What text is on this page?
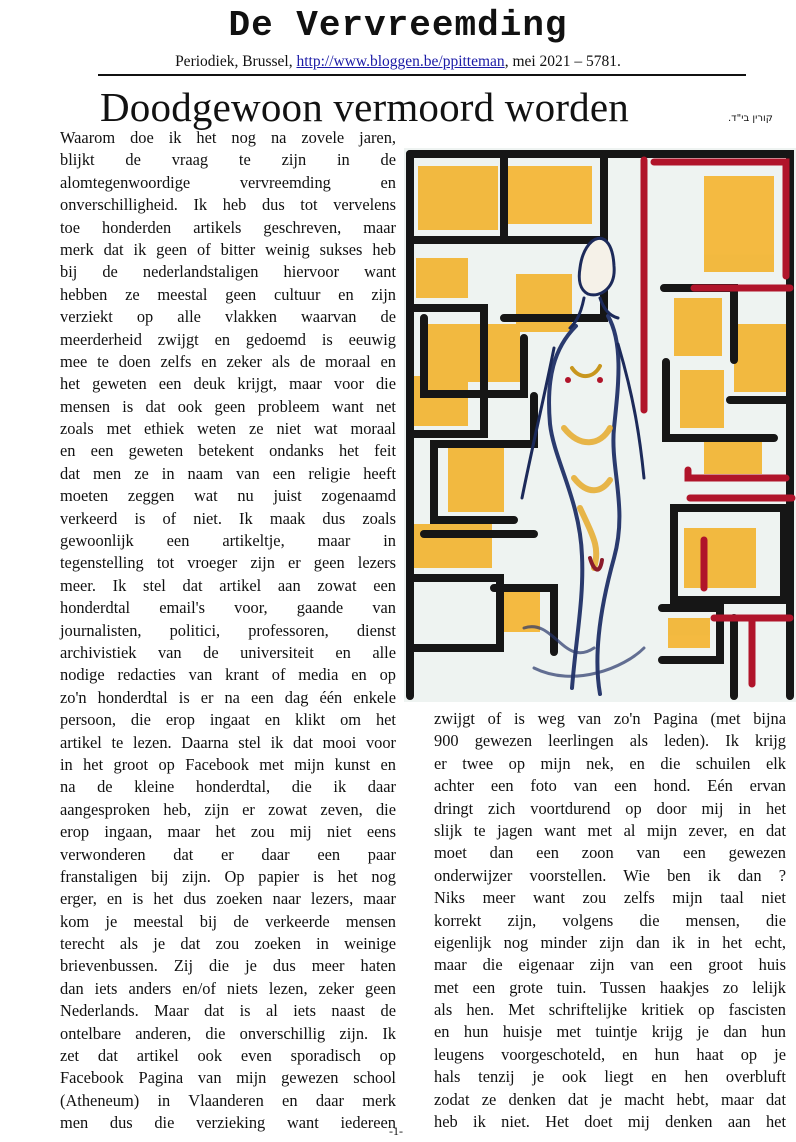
De Vervreemding
Periodiek, Brussel, http://www.bloggen.be/ppitteman, mei 2021 – 5781.
Doodgewoon vermoord worden	קורין בי"ד.
Waarom doe ik het nog na zovele jaren,
blijkt de vraag te zijn in de
alomtegenwoordige vervreemding en
onverschilligheid. Ik heb dus tot vervelens
toe honderden artikels geschreven, maar
merk dat ik geen of bitter weinig sukses heb
bij de nederlandstaligen hiervoor want
hebben ze meestal geen cultuur en zijn
verziekt op alle vlakken waarvan de
meerderheid zwijgt en gedoemd is eeuwig
mee te doen zelfs en zeker als de moraal en
het geweten een deuk krijgt, maar voor die
mensen is dat ook geen probleem want net
zoals met ethiek weten ze niet wat moraal
en een geweten betekent ondanks het feit
dat men ze in naam van een religie heeft
moeten zeggen wat nu juist zogenaamd
verkeerd is of niet. Ik maak dus zoals
gewoonlijk een artikeltje, maar in
tegenstelling tot vroeger zijn er geen lezers
meer. Ik stel dat artikel aan zowat een
honderdtal email's voor, gaande van
journalisten, politici, professoren, dienst
archivistiek van de universiteit en alle
nodige redacties van krant of media en op
zo'n honderdtal is er na een dag één enkele
persoon, die erop ingaat en klikt om het
artikel te lezen. Daarna stel ik dat mooi voor
in het groot op Facebook met mijn kunst en
na de kleine honderdtal, die ik daar
aangesproken heb, zijn er zowat zeven, die
erop ingaan, maar het zou mij niet eens
verwonderen dat er daar een paar
franstaligen bij zijn. Op papier is het nog
erger, en is het dus zoeken naar lezers, maar
kom je meestal bij de verkeerde mensen
terecht als je dat zou zoeken in weinige
brievenbussen. Zij die je dus meer haten
dan iets anders en/of niets lezen, zeker geen
Nederlands. Maar dat is al iets naast de
ontelbare anderen, die onverschillig zijn. Ik
zet dat artikel ook even sporadisch op
Facebook Pagina van mijn gewezen school
(Atheneum) in Vlaanderen en daar merk
men dus die verzieking want iedereen
zwijgt of is weg van zo'n Pagina (met bijna
900 gewezen leerlingen als leden). Ik krijg
er twee op mijn nek, en die schuilen elk
achter een foto van een hond. Eén ervan
dringt zich voortdurend op door mij in het
slijk te jagen want met al mijn zever, en dat
moet dan een zoon van een gewezen
onderwijzer voorstellen. Wie ben ik dan ?
Niks meer want zou zelfs mijn taal niet
korrekt zijn, volgens die mensen, die
eigenlijk nog minder zijn dan ik in het echt,
maar die eigenaar zijn van een groot huis
met een grote tuin. Tussen haakjes zo lelijk
als hen. Met schriftelijke kritiek op fascisten
en hun huisje met tuintje krijg je dan hun
leugens voorgeschoteld, en hun haat op je
hals tenzij je ook liegt en hen overbluft
zodat ze denken dat je macht hebt, maar dat
heb ik niet. Het doet mij denken aan het
-1-
